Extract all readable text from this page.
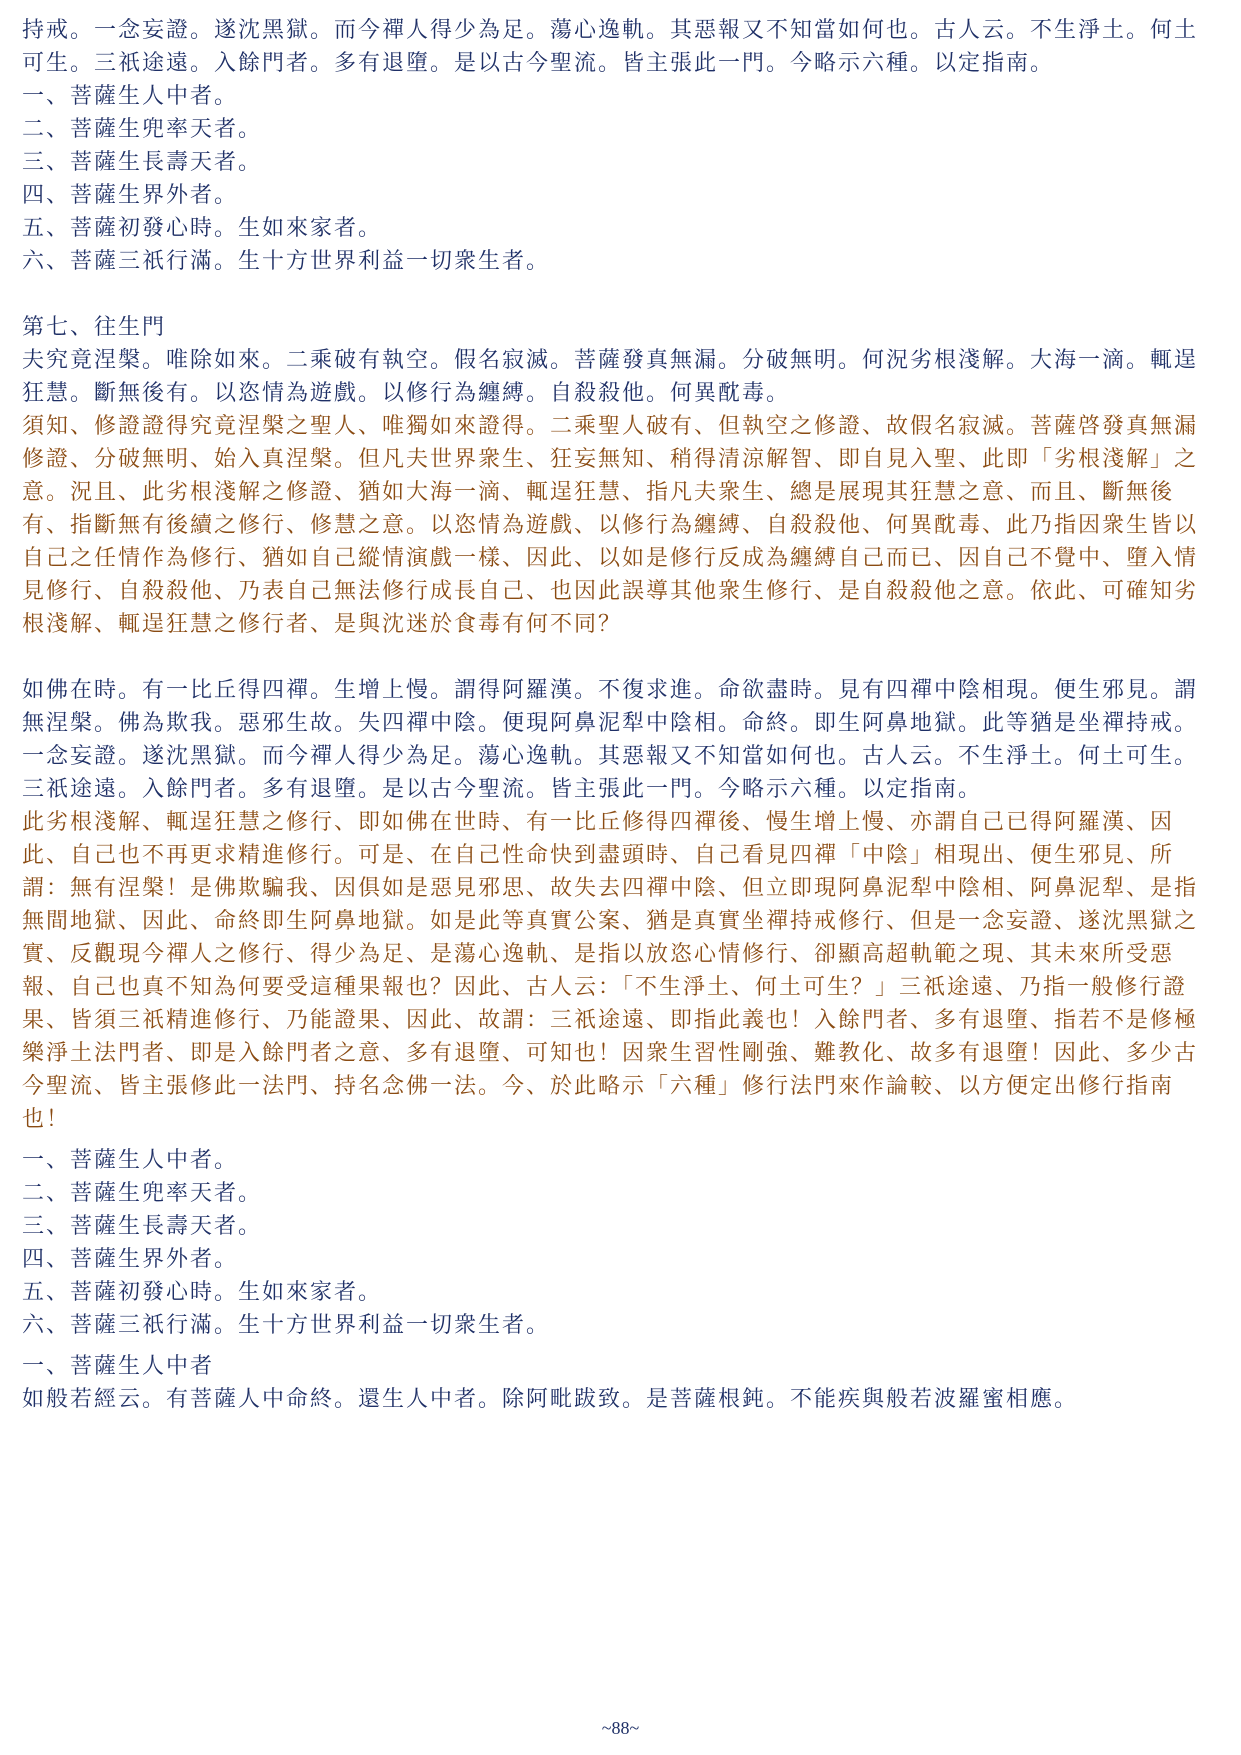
持戒。一念妄證。遂沈黑獄。而今禪人得少為足。蕩心逸軌。其惡報又不知當如何也。古人云。不生淨土。何土可生。三祇途遠。入餘門者。多有退墮。是以古今聖流。皆主張此一門。今略示六種。以定指南。

一、菩薩生人中者。

二、菩薩生兜率天者。

三、菩薩生長壽天者。

四、菩薩生界外者。

五、菩薩初發心時。生如來家者。

六、菩薩三祇行滿。生十方世界利益一切衆生者。

第七、往生門

夫究竟涅槃。唯除如來。二乘破有執空。假名寂滅。菩薩發真無漏。分破無明。何況劣根淺解。大海一滴。輒逞狂慧。斷無後有。以恣情為遊戲。以修行為纏縛。自殺殺他。何異酖毒。

須知、修證證得究竟涅槃之聖人、唯獨如來證得。二乘聖人破有、但執空之修證、故假名寂滅。菩薩啓發真無漏修證、分破無明、始入真涅槃。但凡夫世界衆生、狂妄無知、稍得清涼解智、即自見入聖、此即「劣根淺解」之意。況且、此劣根淺解之修證、猶如大海一滴、輒逞狂慧、指凡夫衆生、總是展現其狂慧之意、而且、斷無後有、指斷無有後續之修行、修慧之意。以恣情為遊戲、以修行為纏縛、自殺殺他、何異酖毒、此乃指因衆生皆以自己之任情作為修行、猶如自己縱情演戲一樣、因此、以如是修行反成為纏縛自己而已、因自己不覺中、墮入情見修行、自殺殺他、乃表自己無法修行成長自己、也因此誤導其他衆生修行、是自殺殺他之意。依此、可確知劣根淺解、輒逞狂慧之修行者、是與沈迷於食毒有何不同？

如佛在時。有一比丘得四禪。生增上慢。謂得阿羅漢。不復求進。命欲盡時。見有四禪中陰相現。便生邪見。謂無涅槃。佛為欺我。惡邪生故。失四禪中陰。便現阿鼻泥犁中陰相。命終。即生阿鼻地獄。此等猶是坐禪持戒。一念妄證。遂沈黑獄。而今禪人得少為足。蕩心逸軌。其惡報又不知當如何也。古人云。不生淨土。何土可生。三祇途遠。入餘門者。多有退墮。是以古今聖流。皆主張此一門。今略示六種。以定指南。

此劣根淺解、輒逞狂慧之修行、即如佛在世時、有一比丘修得四禪後、慢生增上慢、亦謂自己已得阿羅漢、因此、自己也不再更求精進修行。可是、在自己性命快到盡頭時、自己看見四禪「中陰」相現出、便生邪見、所謂：無有涅槃！是佛欺騙我、因俱如是惡見邪思、故失去四禪中陰、但立即現阿鼻泥犁中陰相、阿鼻泥犁、是指無間地獄、因此、命終即生阿鼻地獄。如是此等真實公案、猶是真實坐禪持戒修行、但是一念妄證、遂沈黑獄之實、反觀現今禪人之修行、得少為足、是蕩心逸軌、是指以放恣心情修行、卻顯高超軌範之現、其未來所受惡報、自己也真不知為何要受這種果報也？因此、古人云：「不生淨土、何土可生？」三祇途遠、乃指一般修行證果、皆須三祇精進修行、乃能證果、因此、故謂：三祇途遠、即指此義也！入餘門者、多有退墮、指若不是修極樂淨土法門者、即是入餘門者之意、多有退墮、可知也！因衆生習性剛強、難教化、故多有退墮！因此、多少古今聖流、皆主張修此一法門、持名念佛一法。今、於此略示「六種」修行法門來作論較、以方便定出修行指南也！

一、菩薩生人中者。

二、菩薩生兜率天者。

三、菩薩生長壽天者。

四、菩薩生界外者。

五、菩薩初發心時。生如來家者。

六、菩薩三祇行滿。生十方世界利益一切衆生者。

一、菩薩生人中者

如般若經云。有菩薩人中命終。還生人中者。除阿毗跋致。是菩薩根鈍。不能疾與般若波羅蜜相應。

~88~
